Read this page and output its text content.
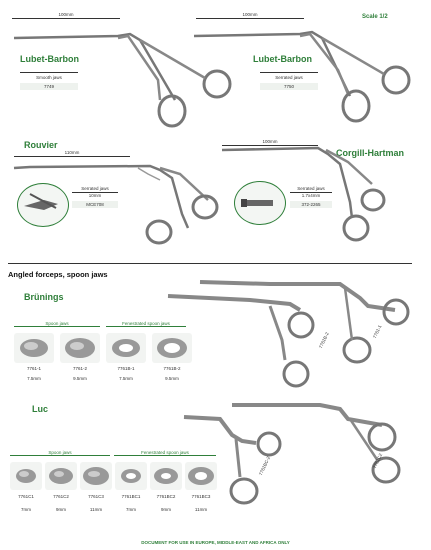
Scale 1/2
100mm
Lubet-Barbon
Smooth jaws
7749
100mm
Lubet-Barbon
Serrated jaws
7750
Rouvier
110mm
Serrated jaws
10mm
MCE708
100mm
Corgill-Hartman
Serrated jaws
1.7x4mm
372-2265
Angled forceps, spoon jaws
Brünings
7761B-2	7761-1
Spoon jaws	Fenestrated spoon jaws
7761-1
7.5mm
7761-2
9.5mm
7761B-1
7.5mm
7761B-2
9.5mm
Luc
7761BC-2	7761C2
Spoon jaws	Fenestrated spoon jaws
7761C1
7mm
7761C2
9mm
7761C3
11mm
7761BC1
7mm
7761BC2
9mm
7761BC3
11mm
DOCUMENT FOR USE IN EUROPE, MIDDLE-EAST AND AFRICA ONLY
